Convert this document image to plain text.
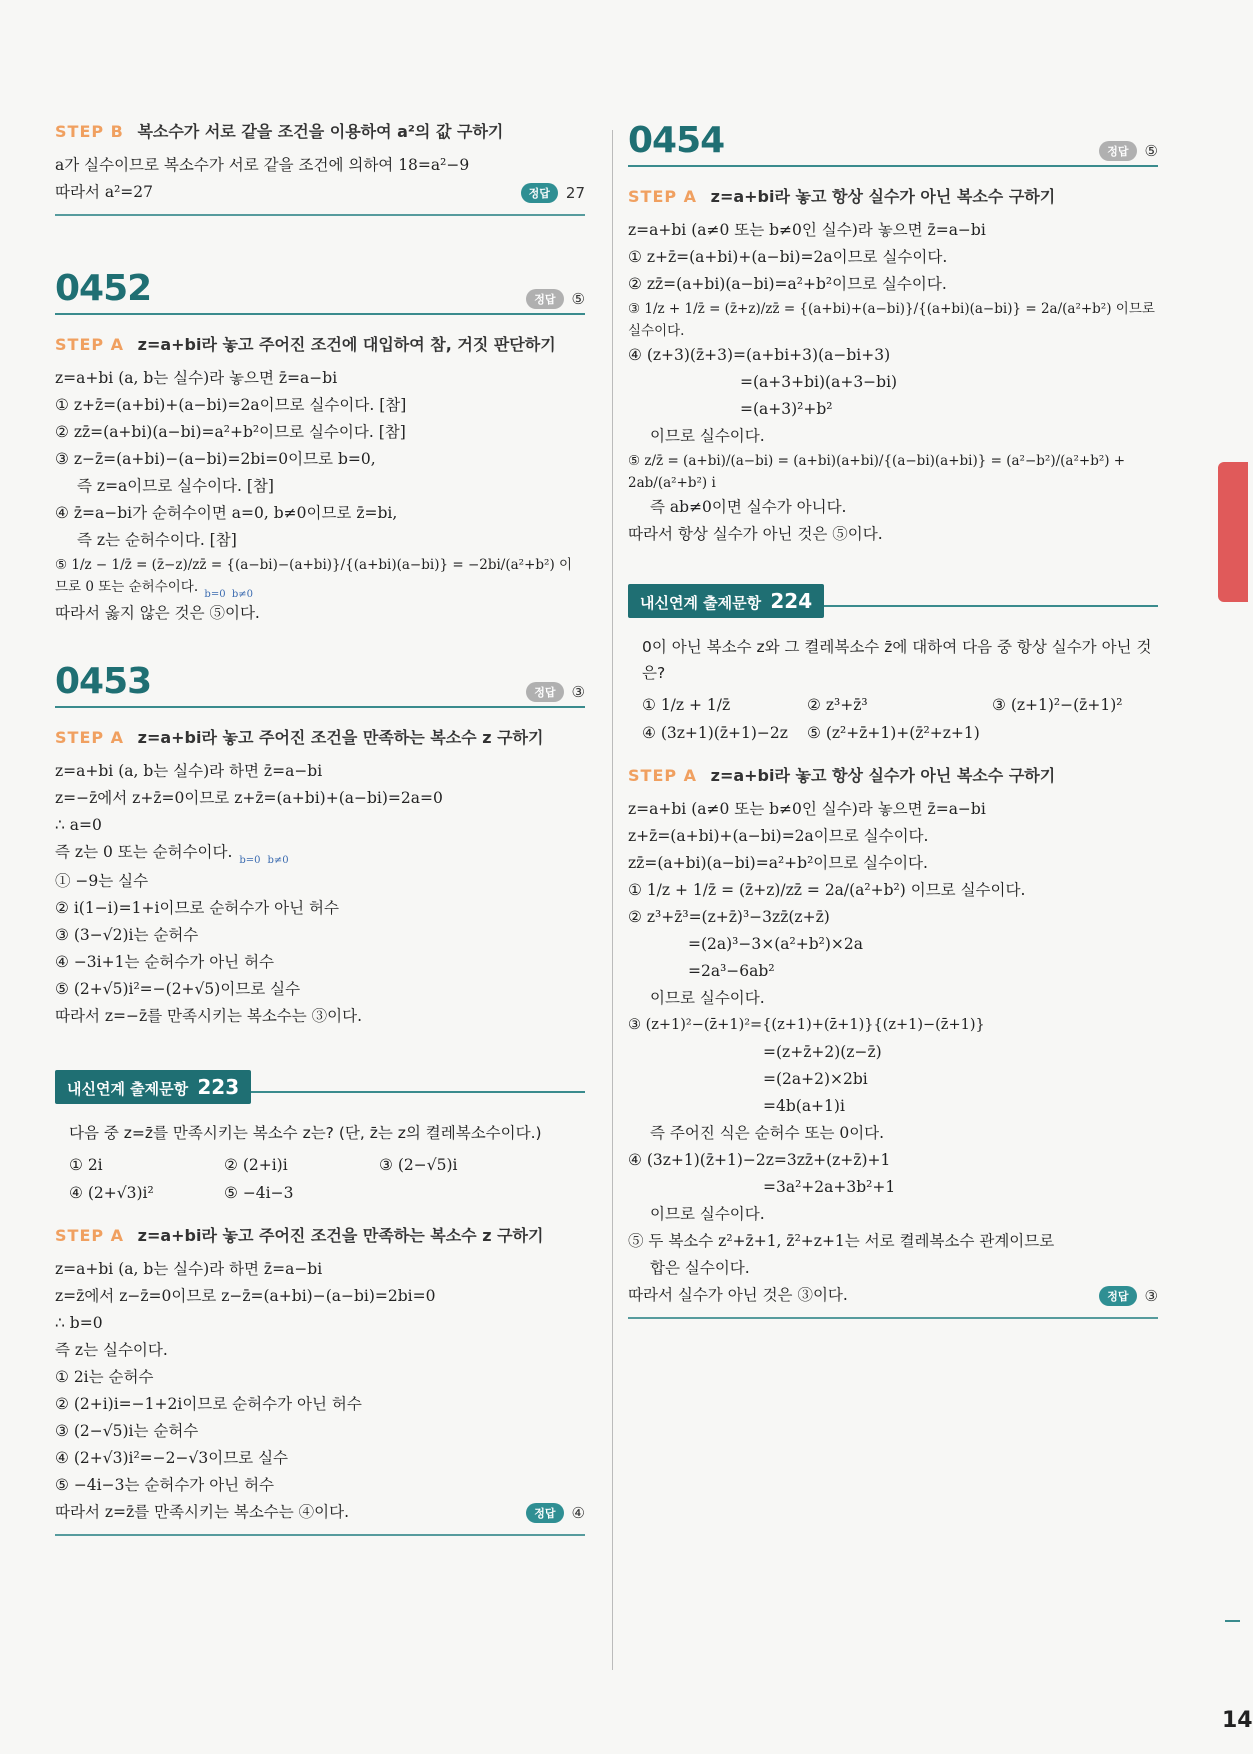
STEP B 복소수가 서로 같을 조건을 이용하여 a²의 값 구하기
a가 실수이므로 복소수가 서로 같을 조건에 의하여 18=a²−9
따라서 a²=27	정답	27
0452	정답	⑤
STEP A z=a+bi라 놓고 주어진 조건에 대입하여 참, 거짓 판단하기
z=a+bi (a, b는 실수)라 놓으면 z̄=a−bi
① z+z̄=(a+bi)+(a−bi)=2a이므로 실수이다. [참]
② zz̄=(a+bi)(a−bi)=a²+b²이므로 실수이다. [참]
③ z−z̄=(a+bi)−(a−bi)=2bi=0이므로 b=0,
즉 z=a이므로 실수이다. [참]
④ z̄=a−bi가 순허수이면 a=0, b≠0이므로 z̄=bi,
즉 z는 순허수이다. [참]
⑤ 1/z − 1/z̄ = (z̄−z)/zz̄ = {(a−bi)−(a+bi)}/{(a+bi)(a−bi)} = −2bi/(a²+b²) 이므로 0 또는 순허수이다. $_{b=0}$ $_{b\ne 0}$
따라서 옳지 않은 것은 ⑤이다.
0453	정답	③
STEP A z=a+bi라 놓고 주어진 조건을 만족하는 복소수 z 구하기
z=a+bi (a, b는 실수)라 하면 z̄=a−bi
z=−z̄에서 z+z̄=0이므로 z+z̄=(a+bi)+(a−bi)=2a=0
∴ a=0
즉 z는 0 또는 순허수이다. $_{b=0}$ $_{b\ne 0}$
① −9는 실수
② i(1−i)=1+i이므로 순허수가 아닌 허수
③ (3−√2)i는 순허수
④ −3i+1는 순허수가 아닌 허수
⑤ (2+√5)i²=−(2+√5)이므로 실수
따라서 z=−z̄를 만족시키는 복소수는 ③이다.
내신연계 출제문항 223
다음 중 z=z̄를 만족시키는 복소수 z는? (단, z̄는 z의 켤레복소수이다.)
① 2i	② (2+i)i	③ (2−√5)i
④ (2+√3)i²	⑤ −4i−3
STEP A z=a+bi라 놓고 주어진 조건을 만족하는 복소수 z 구하기
z=a+bi (a, b는 실수)라 하면 z̄=a−bi
z=z̄에서 z−z̄=0이므로 z−z̄=(a+bi)−(a−bi)=2bi=0
∴ b=0
즉 z는 실수이다.
① 2i는 순허수
② (2+i)i=−1+2i이므로 순허수가 아닌 허수
③ (2−√5)i는 순허수
④ (2+√3)i²=−2−√3이므로 실수
⑤ −4i−3는 순허수가 아닌 허수
따라서 z=z̄를 만족시키는 복소수는 ④이다.	정답	④
0454	정답	⑤
STEP A z=a+bi라 놓고 항상 실수가 아닌 복소수 구하기
z=a+bi (a≠0 또는 b≠0인 실수)라 놓으면 z̄=a−bi
① z+z̄=(a+bi)+(a−bi)=2a이므로 실수이다.
② zz̄=(a+bi)(a−bi)=a²+b²이므로 실수이다.
③ 1/z + 1/z̄ = (z̄+z)/zz̄ = {(a+bi)+(a−bi)}/{(a+bi)(a−bi)} = 2a/(a²+b²) 이므로 실수이다.
④ (z+3)(z̄+3)=(a+bi+3)(a−bi+3)
=(a+3+bi)(a+3−bi)
=(a+3)²+b²
이므로 실수이다.
⑤ z/z̄ = (a+bi)/(a−bi) = (a+bi)(a+bi)/{(a−bi)(a+bi)} = (a²−b²)/(a²+b²) + 2ab/(a²+b²) i
즉 ab≠0이면 실수가 아니다.
따라서 항상 실수가 아닌 것은 ⑤이다.
내신연계 출제문항 224
0이 아닌 복소수 z와 그 켤레복소수 z̄에 대하여 다음 중 항상 실수가 아닌 것은?
① 1/z + 1/z̄	② z³+z̄³	③ (z+1)²−(z̄+1)²
④ (3z+1)(z̄+1)−2z	⑤ (z²+z̄+1)+(z̄²+z+1)
STEP A z=a+bi라 놓고 항상 실수가 아닌 복소수 구하기
z=a+bi (a≠0 또는 b≠0인 실수)라 놓으면 z̄=a−bi
z+z̄=(a+bi)+(a−bi)=2a이므로 실수이다.
zz̄=(a+bi)(a−bi)=a²+b²이므로 실수이다.
① 1/z + 1/z̄ = (z̄+z)/zz̄ = 2a/(a²+b²) 이므로 실수이다.
② z³+z̄³=(z+z̄)³−3zz̄(z+z̄)
=(2a)³−3×(a²+b²)×2a
=2a³−6ab²
이므로 실수이다.
③ (z+1)²−(z̄+1)²={(z+1)+(z̄+1)}{(z+1)−(z̄+1)}
=(z+z̄+2)(z−z̄)
=(2a+2)×2bi
=4b(a+1)i
즉 주어진 식은 순허수 또는 0이다.
④ (3z+1)(z̄+1)−2z=3zz̄+(z+z̄)+1
=3a²+2a+3b²+1
이므로 실수이다.
⑤ 두 복소수 z²+z̄+1, z̄²+z+1는 서로 켤레복소수 관계이므로
합은 실수이다.
따라서 실수가 아닌 것은 ③이다.	정답	③
14
